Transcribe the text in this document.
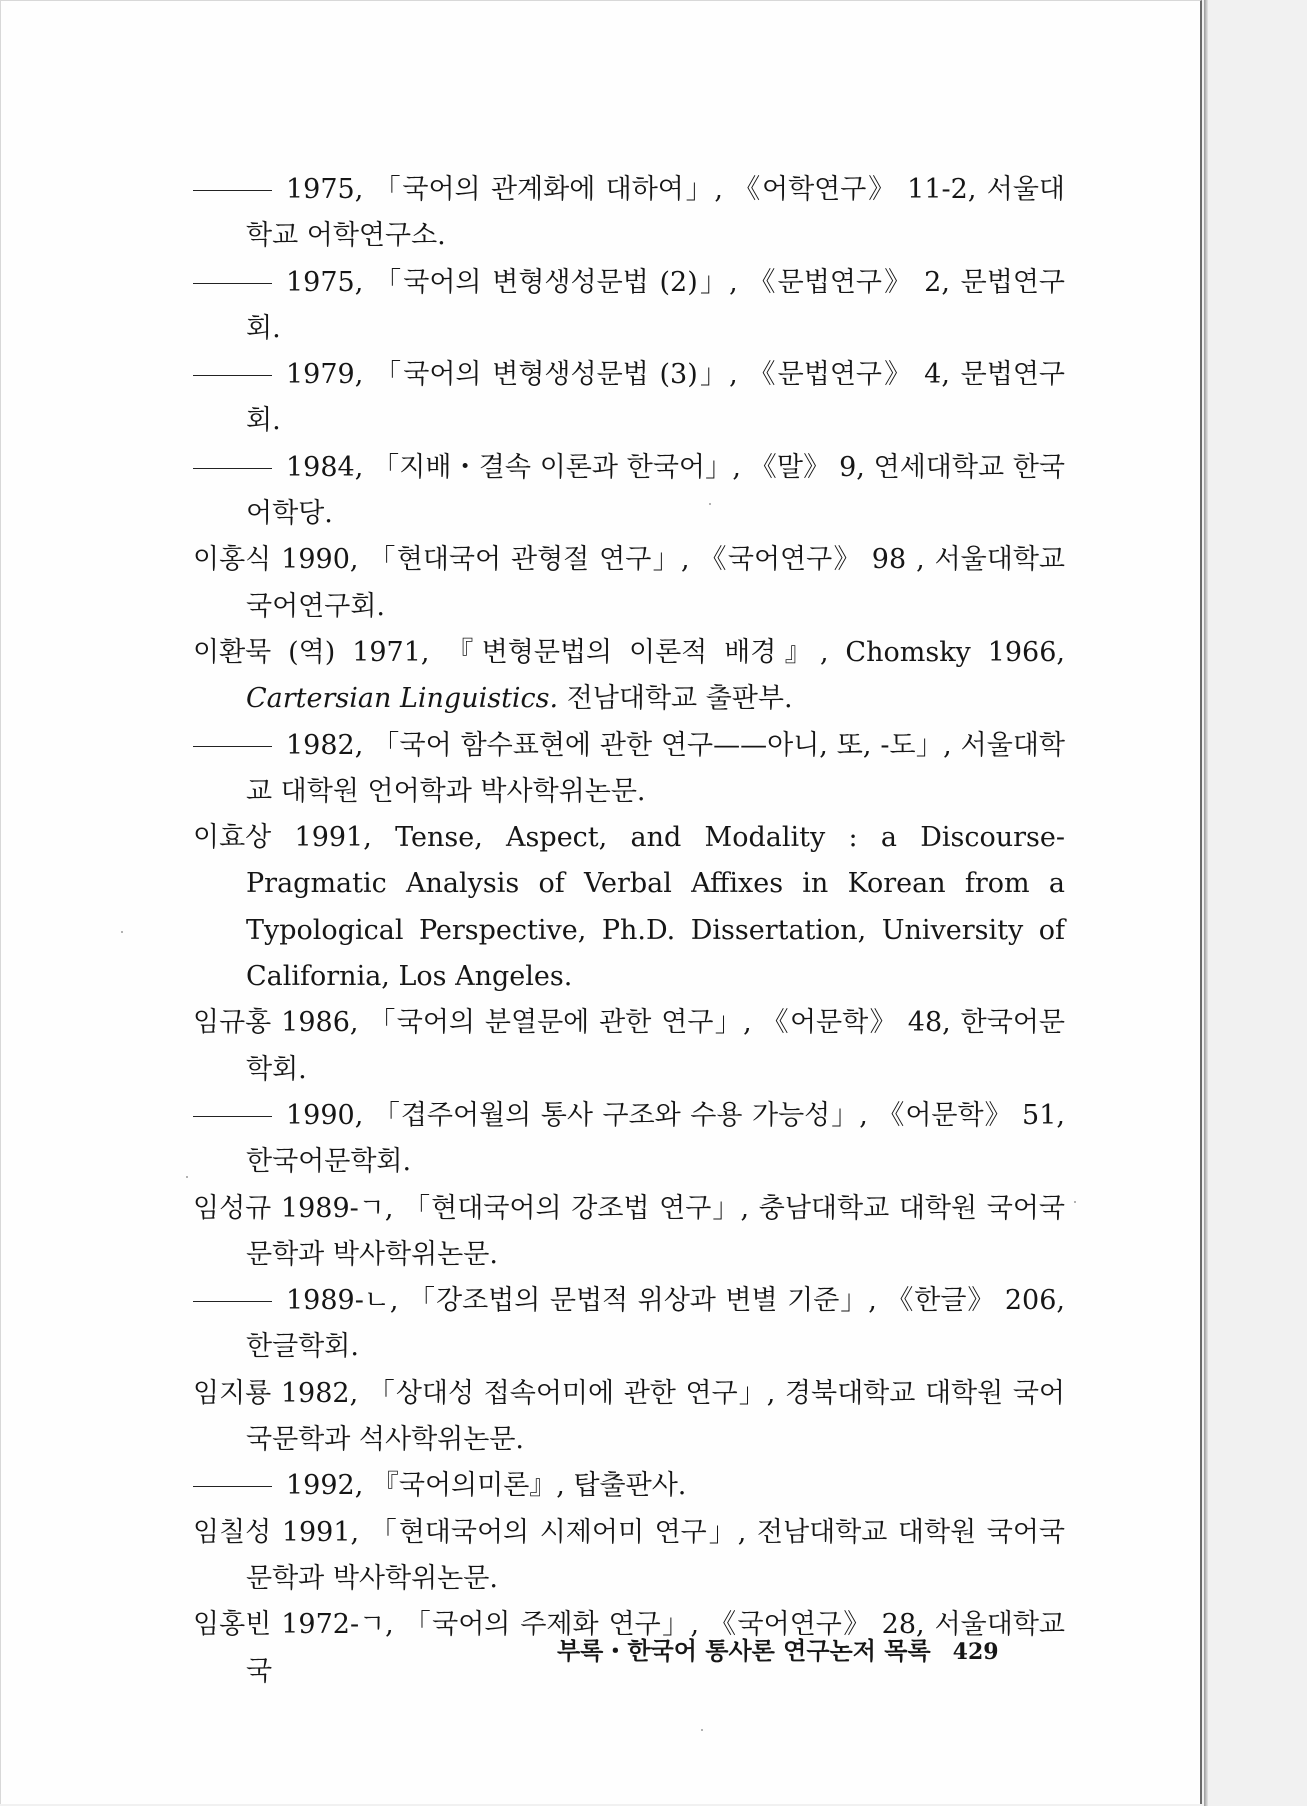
1975, 「국어의 관계화에 대하여」, 《어학연구》 11-2, 서울대학교 어학연구소.
1975, 「국어의 변형생성문법 (2)」, 《문법연구》 2, 문법연구회.
1979, 「국어의 변형생성문법 (3)」, 《문법연구》 4, 문법연구회.
1984, 「지배・결속 이론과 한국어」, 《말》 9, 연세대학교 한국어학당.
이홍식 1990, 「현대국어 관형절 연구」, 《국어연구》 98 , 서울대학교 국어연구회.
이환묵 (역) 1971, 『변형문법의 이론적 배경』, Chomsky 1966, Cartersian Linguistics. 전남대학교 출판부.
1982, 「국어 함수표현에 관한 연구——아니, 또, -도」, 서울대학교 대학원 언어학과 박사학위논문.
이효상 1991, Tense, Aspect, and Modality : a Discourse-Pragmatic Analysis of Verbal Affixes in Korean from a Typological Perspective, Ph.D. Dissertation, University of California, Los Angeles.
임규홍 1986, 「국어의 분열문에 관한 연구」, 《어문학》 48, 한국어문학회.
1990, 「겹주어월의 통사 구조와 수용 가능성」, 《어문학》 51, 한국어문학회.
임성규 1989-ㄱ, 「현대국어의 강조법 연구」, 충남대학교 대학원 국어국문학과 박사학위논문.
1989-ㄴ, 「강조법의 문법적 위상과 변별 기준」, 《한글》 206, 한글학회.
임지룡 1982, 「상대성 접속어미에 관한 연구」, 경북대학교 대학원 국어국문학과 석사학위논문.
1992, 『국어의미론』, 탑출판사.
임칠성 1991, 「현대국어의 시제어미 연구」, 전남대학교 대학원 국어국문학과 박사학위논문.
임홍빈 1972-ㄱ, 「국어의 주제화 연구」, 《국어연구》 28, 서울대학교 국
부록・한국어 통사론 연구논저 목록 429
